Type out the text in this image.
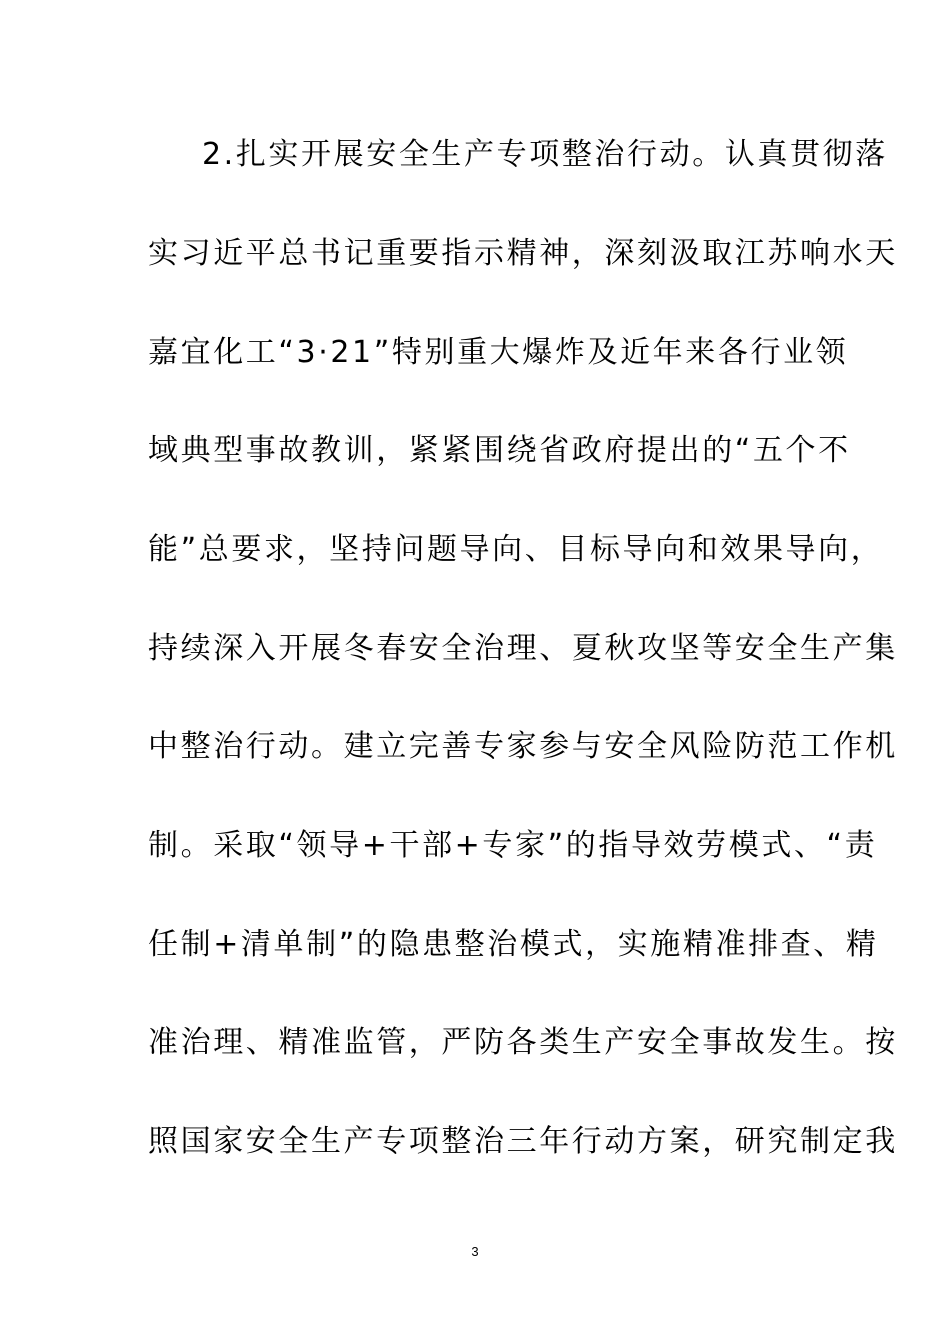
2.扎实开展安全生产专项整治行动。认真贯彻落
实习近平总书记重要指示精神，深刻汲取江苏响水天
嘉宜化工“3·21”特别重大爆炸及近年来各行业领
域典型事故教训，紧紧围绕省政府提出的“五个不
能”总要求，坚持问题导向、目标导向和效果导向，
持续深入开展冬春安全治理、夏秋攻坚等安全生产集
中整治行动。建立完善专家参与安全风险防范工作机
制。采取“领导+干部+专家”的指导效劳模式、“责
任制+清单制”的隐患整治模式，实施精准排查、精
准治理、精准监管，严防各类生产安全事故发生。按
照国家安全生产专项整治三年行动方案，研究制定我
3
